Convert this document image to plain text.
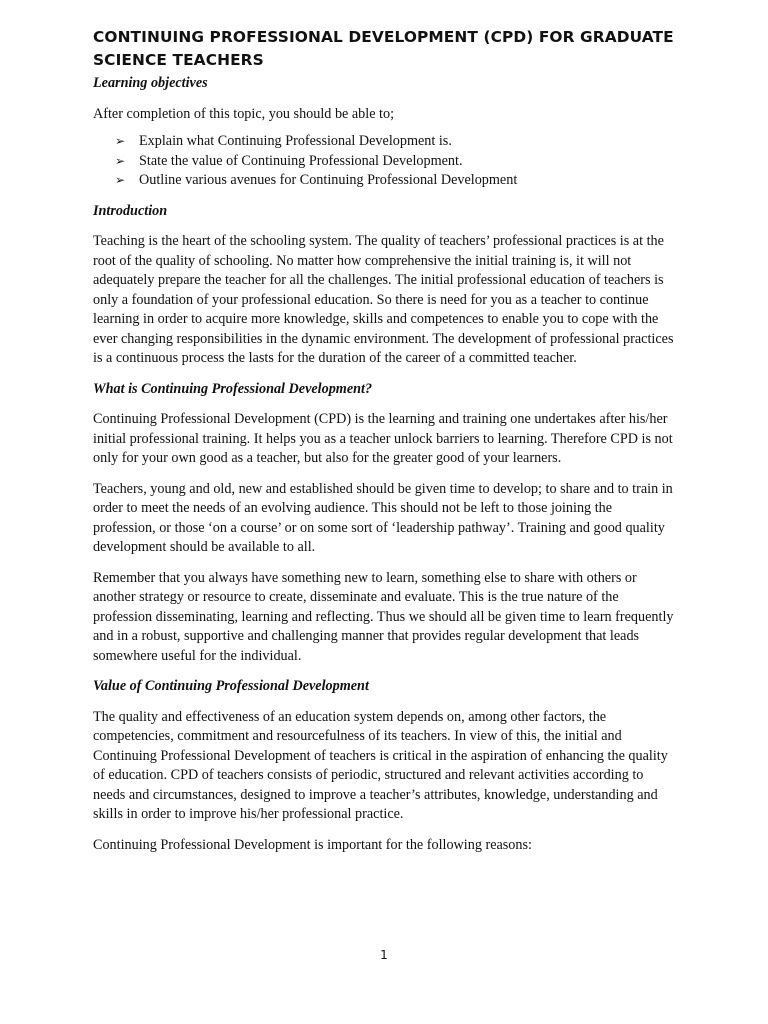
CONTINUING PROFESSIONAL DEVELOPMENT (CPD) FOR GRADUATE SCIENCE TEACHERS
Learning objectives

After completion of this topic, you should be able to;

➢ Explain what Continuing Professional Development is.
➢ State the value of Continuing Professional Development.
➢ Outline various avenues for Continuing Professional Development
Introduction

Teaching is the heart of the schooling system. The quality of teachers’ professional practices is at the root of the quality of schooling. No matter how comprehensive the initial training is, it will not adequately prepare the teacher for all the challenges. The initial professional education of teachers is only a foundation of your professional education. So there is need for you as a teacher to continue learning in order to acquire more knowledge, skills and competences to enable you to cope with the ever changing responsibilities in the dynamic environment. The development of professional practices is a continuous process the lasts for the duration of the career of a committed teacher.

What is Continuing Professional Development?

Continuing Professional Development (CPD) is the learning and training one undertakes after his/her initial professional training. It helps you as a teacher unlock barriers to learning. Therefore CPD is not only for your own good as a teacher, but also for the greater good of your learners.

Teachers, young and old, new and established should be given time to develop; to share and to train in order to meet the needs of an evolving audience. This should not be left to those joining the profession, or those ‘on a course’ or on some sort of ‘leadership pathway’. Training and good quality development should be available to all.

Remember that you always have something new to learn, something else to share with others or another strategy or resource to create, disseminate and evaluate. This is the true nature of the profession disseminating, learning and reflecting. Thus we should all be given time to learn frequently and in a robust, supportive and challenging manner that provides regular development that leads somewhere useful for the individual.

Value of Continuing Professional Development

The quality and effectiveness of an education system depends on, among other factors, the competencies, commitment and resourcefulness of its teachers. In view of this, the initial and Continuing Professional Development of teachers is critical in the aspiration of enhancing the quality of education. CPD of teachers consists of periodic, structured and relevant activities according to needs and circumstances, designed to improve a teacher’s attributes, knowledge, understanding and skills in order to improve his/her professional practice.

Continuing Professional Development is important for the following reasons:

1
